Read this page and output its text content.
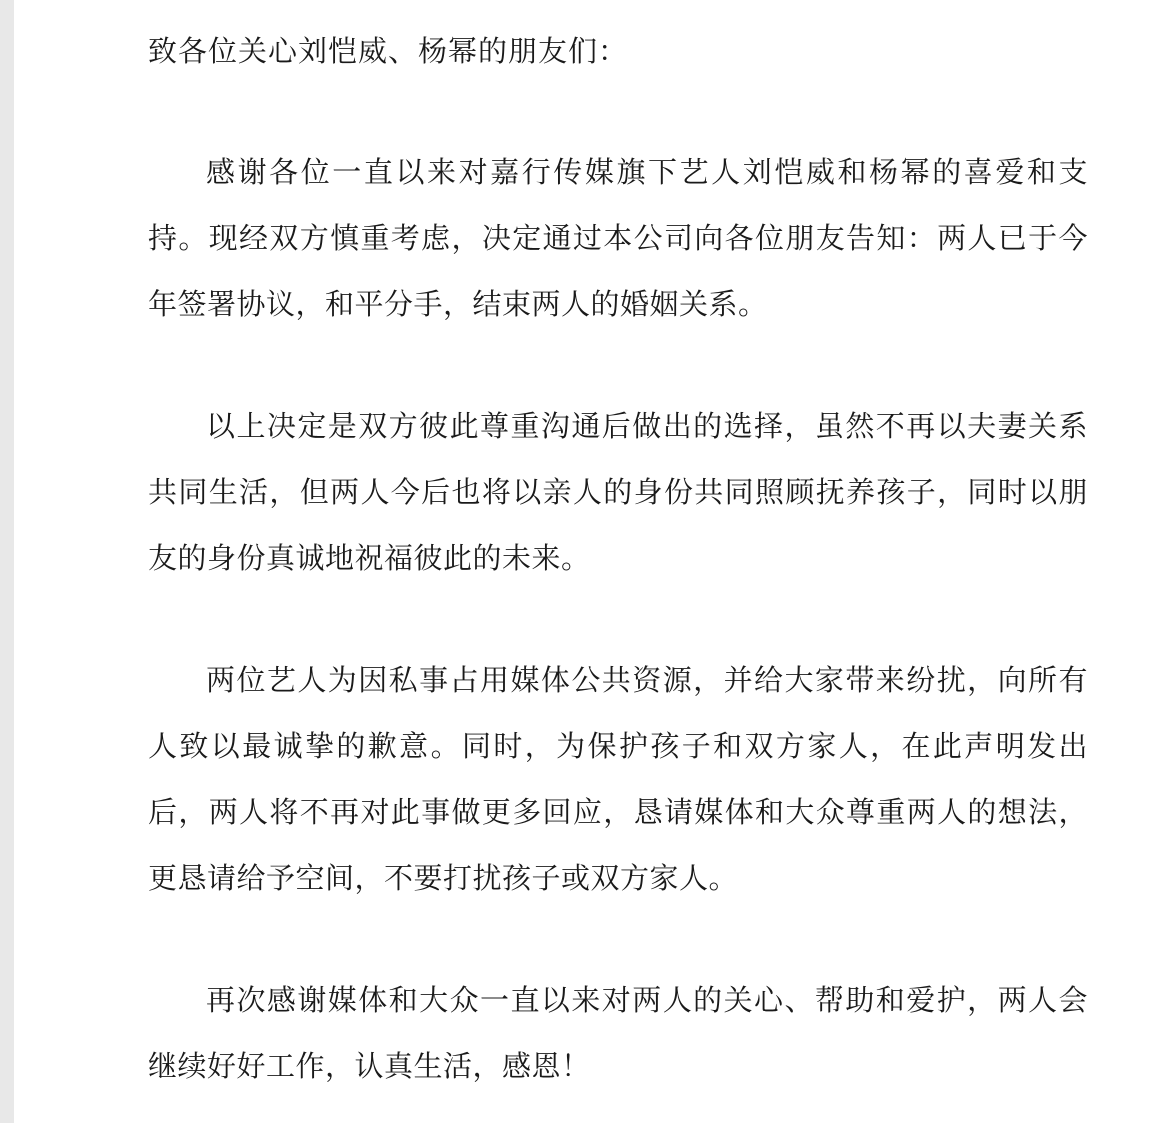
致各位关心刘恺威、杨幂的朋友们：

感谢各位一直以来对嘉行传媒旗下艺人刘恺威和杨幂的喜爱和支持。现经双方慎重考虑，决定通过本公司向各位朋友告知：两人已于今年签署协议，和平分手，结束两人的婚姻关系。

以上决定是双方彼此尊重沟通后做出的选择，虽然不再以夫妻关系共同生活，但两人今后也将以亲人的身份共同照顾抚养孩子，同时以朋友的身份真诚地祝福彼此的未来。

两位艺人为因私事占用媒体公共资源，并给大家带来纷扰，向所有人致以最诚挚的歉意。同时，为保护孩子和双方家人，在此声明发出后，两人将不再对此事做更多回应，恳请媒体和大众尊重两人的想法，更恳请给予空间，不要打扰孩子或双方家人。

再次感谢媒体和大众一直以来对两人的关心、帮助和爱护，两人会继续好好工作，认真生活，感恩！
